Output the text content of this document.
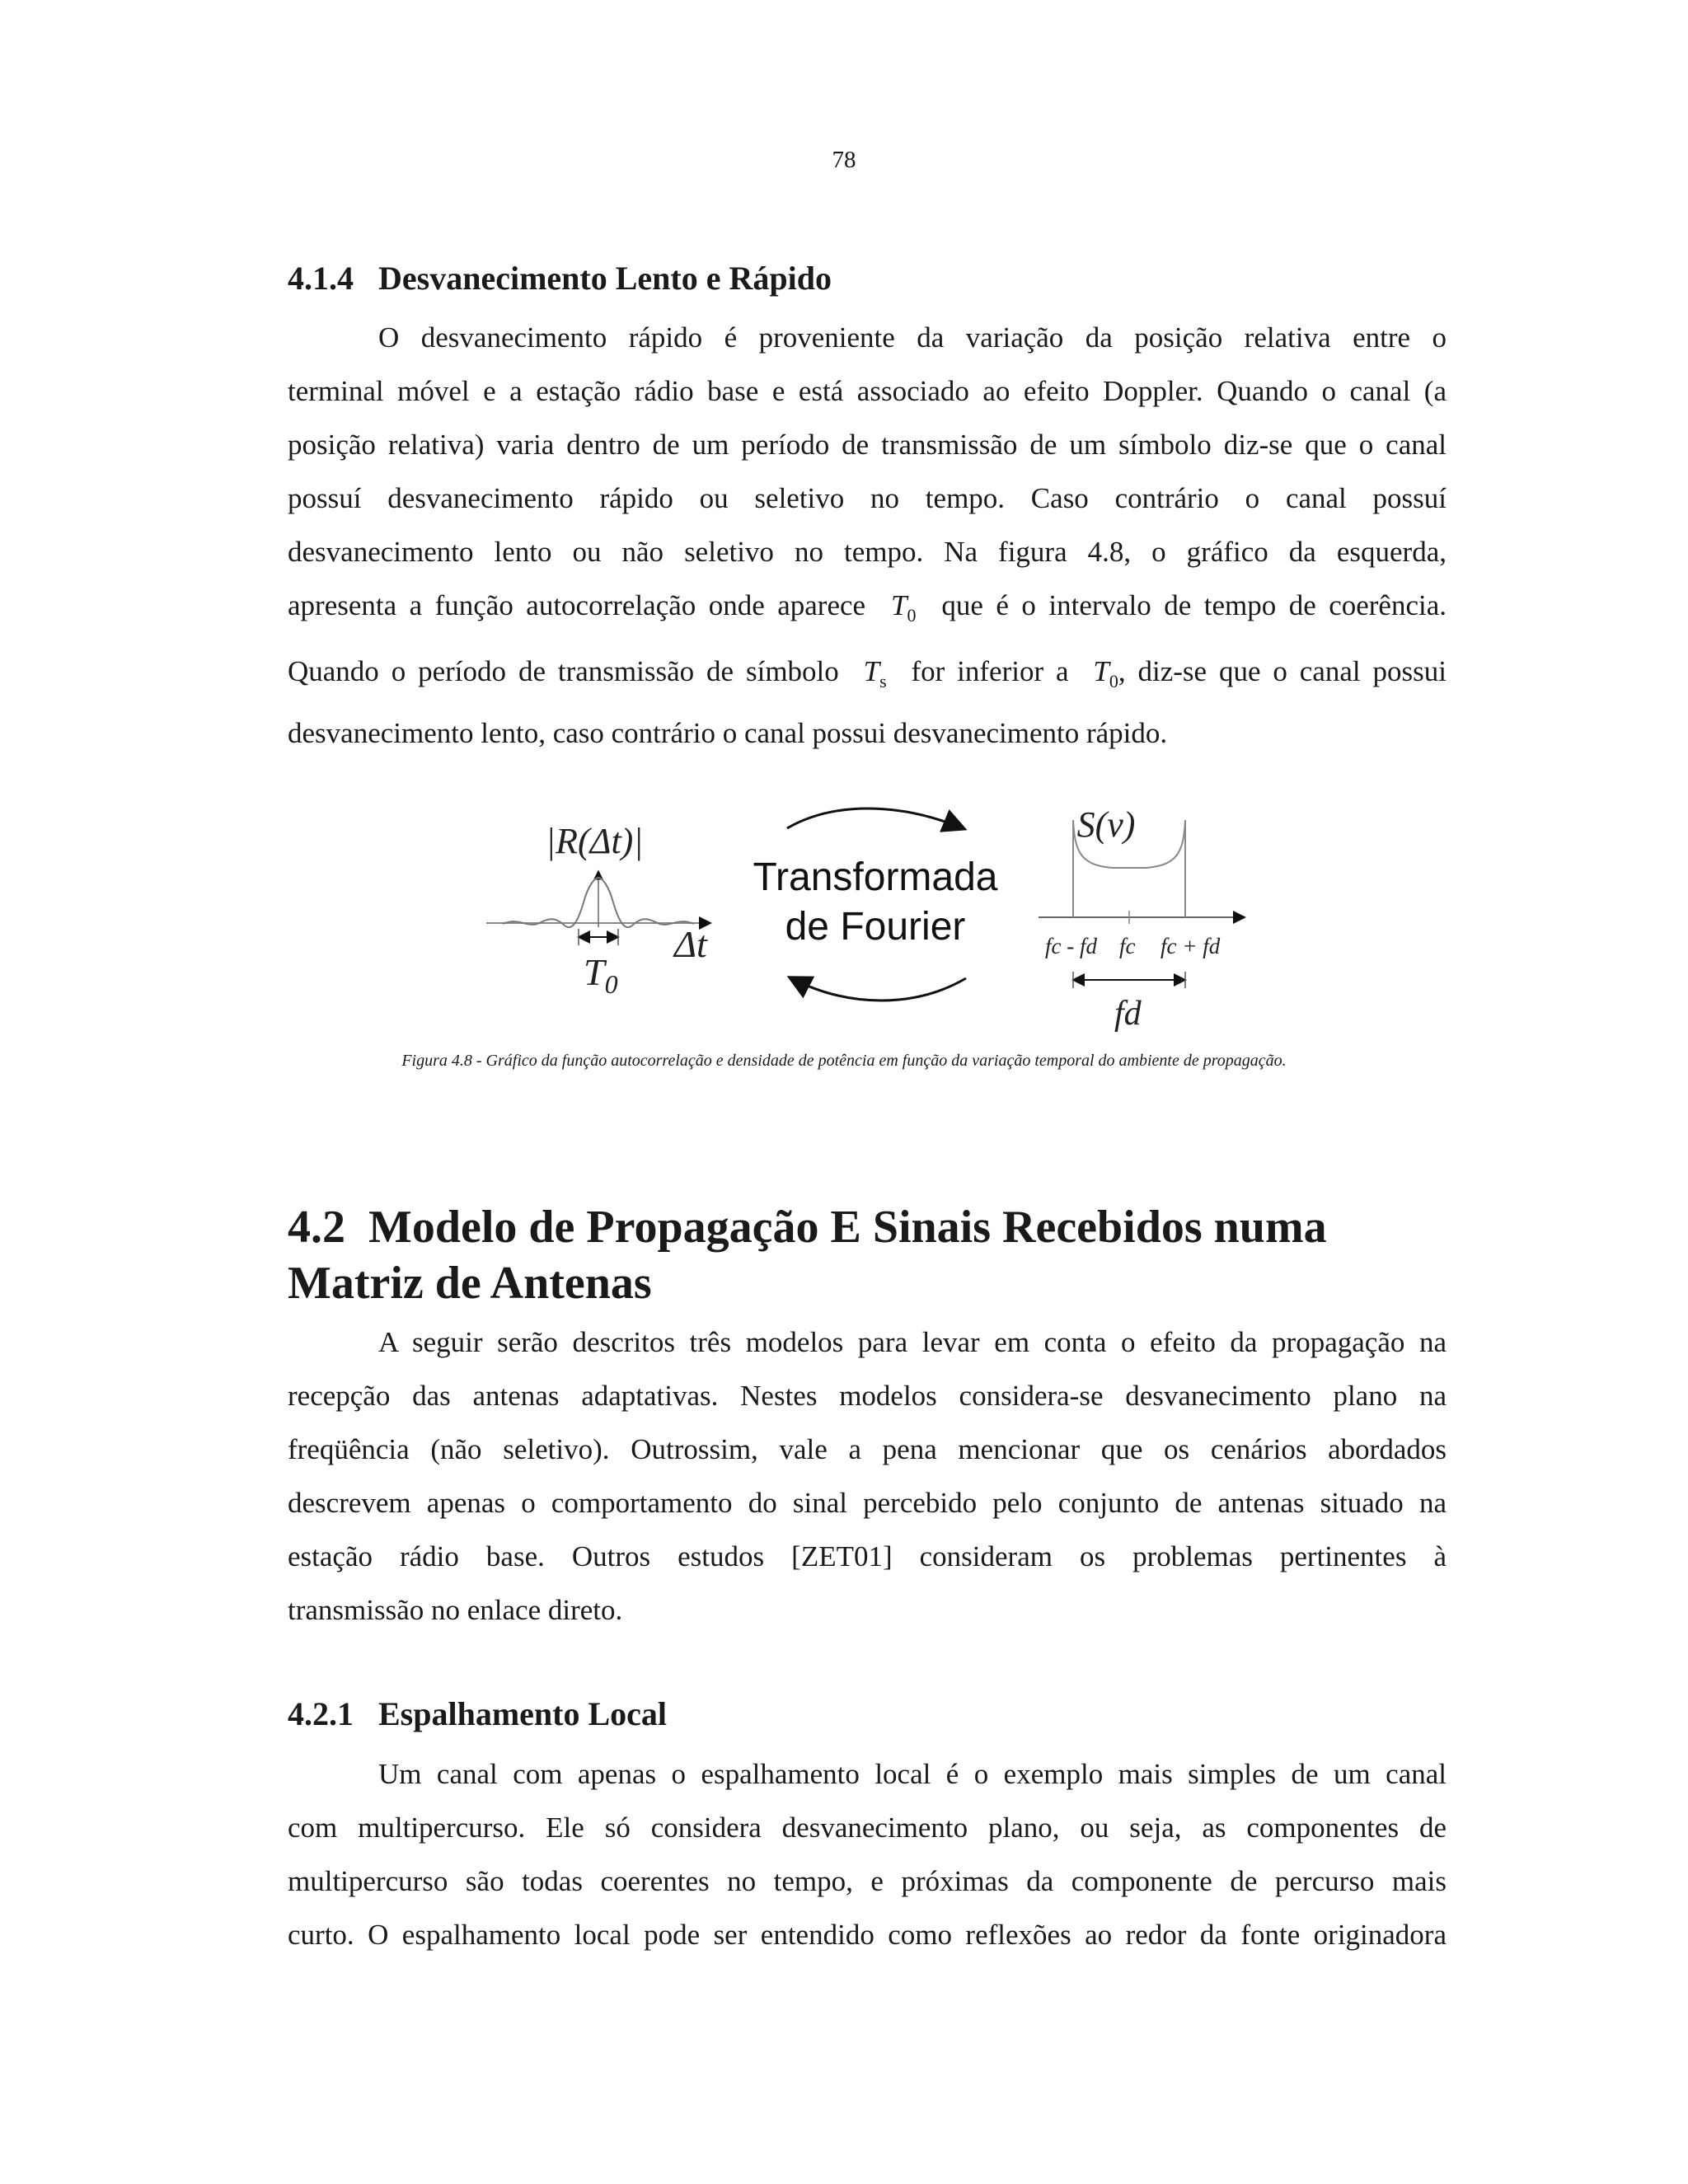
78
4.1.4 Desvanecimento Lento e Rápido
O desvanecimento rápido é proveniente da variação da posição relativa entre o
terminal móvel e a estação rádio base e está associado ao efeito Doppler. Quando o canal (a
posição relativa) varia dentro de um período de transmissão de um símbolo diz-se que o canal
possuí desvanecimento rápido ou seletivo no tempo. Caso contrário o canal possuí
desvanecimento lento ou não seletivo no tempo. Na figura 4.8, o gráfico da esquerda,
apresenta a função autocorrelação onde aparece $T_0$ que é o intervalo de tempo de coerência.
Quando o período de transmissão de símbolo $T_s$ for inferior a $T_0$, diz-se que o canal possui
desvanecimento lento, caso contrário o canal possui desvanecimento rápido.
|R(Δt)|
Δt
$T_0$
Transformada
de Fourier
S(ν)
fc - fd fc fc + fd
fd
Figura 4.8 - Gráfico da função autocorrelação e densidade de potência em função da variação temporal do ambiente de propagação.
4.2 Modelo de Propagação E Sinais Recebidos numa
Matriz de Antenas
A seguir serão descritos três modelos para levar em conta o efeito da propagação na
recepção das antenas adaptativas. Nestes modelos considera-se desvanecimento plano na
freqüência (não seletivo). Outrossim, vale a pena mencionar que os cenários abordados
descrevem apenas o comportamento do sinal percebido pelo conjunto de antenas situado na
estação rádio base. Outros estudos [ZET01] consideram os problemas pertinentes à
transmissão no enlace direto.
4.2.1 Espalhamento Local
Um canal com apenas o espalhamento local é o exemplo mais simples de um canal
com multipercurso. Ele só considera desvanecimento plano, ou seja, as componentes de
multipercurso são todas coerentes no tempo, e próximas da componente de percurso mais
curto. O espalhamento local pode ser entendido como reflexões ao redor da fonte originadora
